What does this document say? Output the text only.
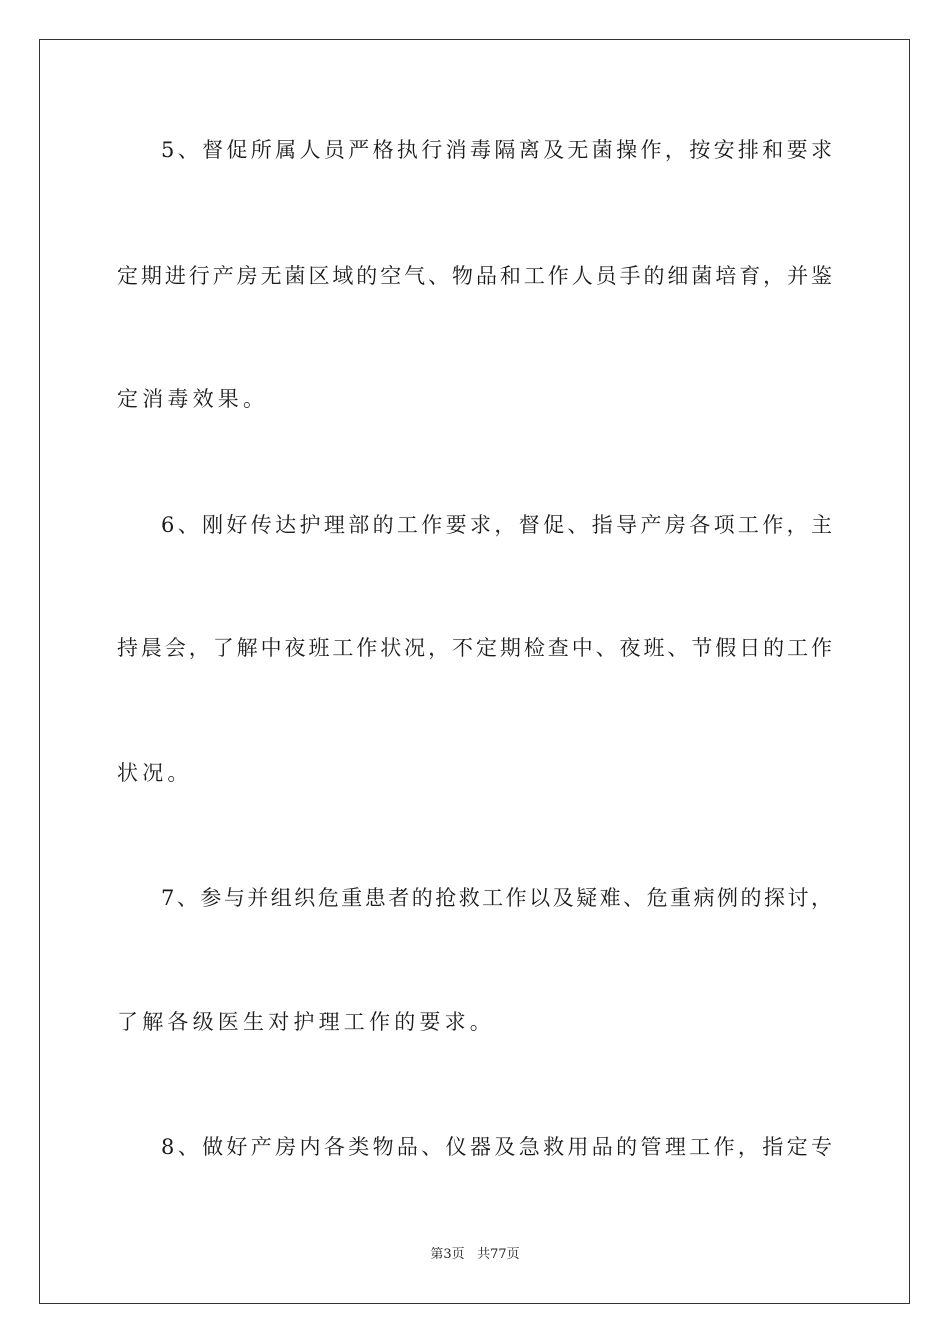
5、督促所属人员严格执行消毒隔离及无菌操作，按安排和要求
定期进行产房无菌区域的空气、物品和工作人员手的细菌培育，并鉴
定消毒效果。
6、刚好传达护理部的工作要求，督促、指导产房各项工作，主
持晨会，了解中夜班工作状况，不定期检查中、夜班、节假日的工作
状况。
7、参与并组织危重患者的抢救工作以及疑难、危重病例的探讨，
了解各级医生对护理工作的要求。
8、做好产房内各类物品、仪器及急救用品的管理工作，指定专
第3页 共77页
